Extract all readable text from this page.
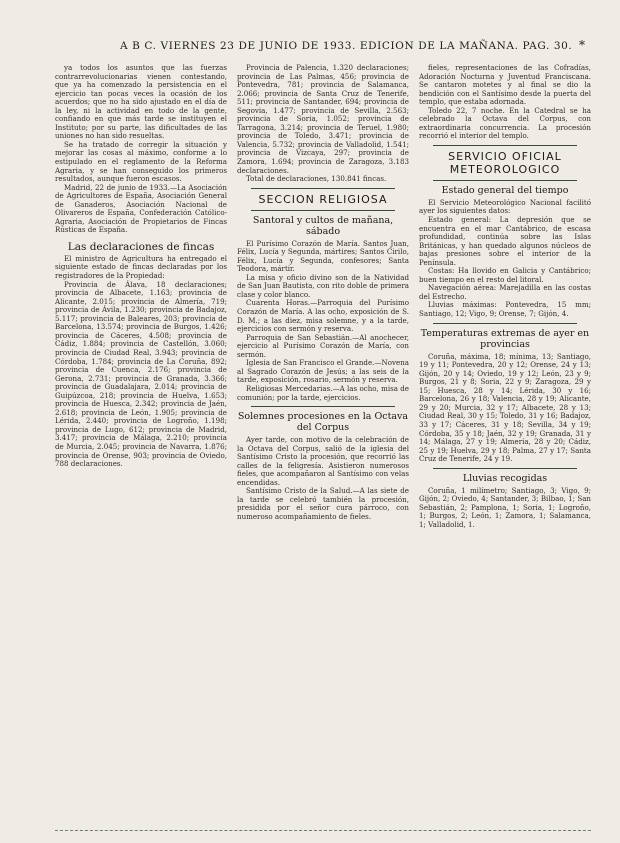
A B C. VIERNES 23 DE JUNIO DE 1933. EDICION DE LA MAÑANA. PAG. 30. *

ya todos los asuntos que las fuerzas contrarrevolucionarias vienen contestando, que ya ha comenzado la persistencia en el ejercicio tan pocas veces la ocasión de los acuerdos; que no ha sido ajustado en el día de la ley, ni la actividad en todo de la gente, confiando en que más tarde se instituyen el Instituto; por su parte, las dificultades de las uniones no han sido resueltas.

Se ha tratado de corregir la situación y mejorar las cosas al máximo, conforme a lo estipulado en el reglamento de la Reforma Agraria, y se han conseguido los primeros resultados, aunque fueron escasos.

Madrid, 22 de junio de 1933.—La Asociación de Agricultores de España, Asociación General de Ganaderos, Asociación Nacional de Olivareros de España, Confederación Católico-Agraria, Asociación de Propietarios de Fincas Rústicas de España.

Las declaraciones de fincas

El ministro de Agricultura ha entregado el siguiente estado de fincas declaradas por los registradores de la Propiedad:

Provincia de Álava, 18 declaraciones; provincia de Albacete, 1.163; provincia de Alicante, 2.015; provincia de Almería, 719; provincia de Ávila, 1.230; provincia de Badajoz, 5.117; provincia de Baleares, 203; provincia de Barcelona, 13.574; provincia de Burgos, 1.426; provincia de Cáceres, 4.508; provincia de Cádiz, 1.884; provincia de Castellón, 3.060; provincia de Ciudad Real, 3.943; provincia de Córdoba, 1.784; provincia de La Coruña, 892; provincia de Cuenca, 2.176; provincia de Gerona, 2.731; provincia de Granada, 3.366; provincia de Guadalajara, 2.014; provincia de Guipúzcoa, 218; provincia de Huelva, 1.653; provincia de Huesca, 2.342; provincia de Jaén, 2.618; provincia de León, 1.905; provincia de Lérida, 2.440; provincia de Logroño, 1.198; provincia de Lugo, 612; provincia de Madrid, 3.417; provincia de Málaga, 2.210; provincia de Murcia, 2.045; provincia de Navarra, 1.876; provincia de Orense, 903; provincia de Oviedo, 788 declaraciones.

Provincia de Palencia, 1.320 declaraciones; provincia de Las Palmas, 456; provincia de Pontevedra, 781; provincia de Salamanca, 2.066; provincia de Santa Cruz de Tenerife, 511; provincia de Santander, 694; provincia de Segovia, 1.477; provincia de Sevilla, 2.563; provincia de Soria, 1.052; provincia de Tarragona, 3.214; provincia de Teruel, 1.980; provincia de Toledo, 3.471; provincia de Valencia, 5.732; provincia de Valladolid, 1.541; provincia de Vizcaya, 297; provincia de Zamora, 1.694; provincia de Zaragoza, 3.183 declaraciones.

Total de declaraciones, 130.841 fincas.

SECCION RELIGIOSA
Santoral y cultos de mañana, sábado

El Purísimo Corazón de María. Santos Juan, Félix, Lucía y Segunda, mártires; Santos Cirilo, Félix, Lucía y Segunda, confesores; Santa Teodora, mártir.

La misa y oficio divino son de la Natividad de San Juan Bautista, con rito doble de primera clase y color blanco.

Cuarenta Horas.—Parroquia del Purísimo Corazón de María. A las ocho, exposición de S. D. M.; a las diez, misa solemne, y a la tarde, ejercicios con sermón y reserva.

Parroquia de San Sebastián.—Al anochecer, ejercicio al Purísimo Corazón de María, con sermón.

Iglesia de San Francisco el Grande.—Novena al Sagrado Corazón de Jesús; a las seis de la tarde, exposición, rosario, sermón y reserva.

Religiosas Mercedarias.—A las ocho, misa de comunión; por la tarde, ejercicios.

Solemnes procesiones en la Octava del Corpus

Ayer tarde, con motivo de la celebración de la Octava del Corpus, salió de la iglesia del Santísimo Cristo la procesión, que recorrió las calles de la feligresía. Asistieron numerosos fieles, que acompañaron al Santísimo con velas encendidas.

Santísimo Cristo de la Salud.—A las siete de la tarde se celebró también la procesión, presidida por el señor cura párroco, con numeroso acompañamiento de fieles.

fieles, representaciones de las Cofradías, Adoración Nocturna y Juventud Franciscana. Se cantaron motetes y al final se dio la bendición con el Santísimo desde la puerta del templo, que estaba adornada.

Toledo 22, 7 noche. En la Catedral se ha celebrado la Octava del Corpus, con extraordinaria concurrencia. La procesión recorrió el interior del templo.

SERVICIO OFICIAL METEOROLOGICO
Estado general del tiempo

El Servicio Meteorológico Nacional facilitó ayer los siguientes datos:

Estado general: La depresión que se encuentra en el mar Cantábrico, de escasa profundidad, continúa sobre las Islas Británicas, y han quedado algunos núcleos de bajas presiones sobre el interior de la Península.

Costas: Ha llovido en Galicia y Cantábrico; buen tiempo en el resto del litoral.

Navegación aérea: Marejadilla en las costas del Estrecho.

Lluvias máximas: Pontevedra, 15 mm; Santiago, 12; Vigo, 9; Orense, 7; Gijón, 4.

Temperaturas extremas de ayer en provincias

Coruña, máxima, 18; mínima, 13; Santiago, 19 y 11; Pontevedra, 20 y 12; Orense, 24 y 13; Gijón, 20 y 14; Oviedo, 19 y 12; León, 23 y 9; Burgos, 21 y 8; Soria, 22 y 9; Zaragoza, 29 y 15; Huesca, 28 y 14; Lérida, 30 y 16; Barcelona, 26 y 18; Valencia, 28 y 19; Alicante, 29 y 20; Murcia, 32 y 17; Albacete, 28 y 13; Ciudad Real, 30 y 15; Toledo, 31 y 16; Badajoz, 33 y 17; Cáceres, 31 y 18; Sevilla, 34 y 19; Córdoba, 35 y 18; Jaén, 32 y 19; Granada, 31 y 14; Málaga, 27 y 19; Almería, 28 y 20; Cádiz, 25 y 19; Huelva, 29 y 18; Palma, 27 y 17; Santa Cruz de Tenerife, 24 y 19.

Lluvias recogidas

Coruña, 1 milímetro; Santiago, 3; Vigo, 9; Gijón, 2; Oviedo, 4; Santander, 3; Bilbao, 1; San Sebastián, 2; Pamplona, 1; Soria, 1; Logroño, 1; Burgos, 2; León, 1; Zamora, 1; Salamanca, 1; Valladolid, 1.
